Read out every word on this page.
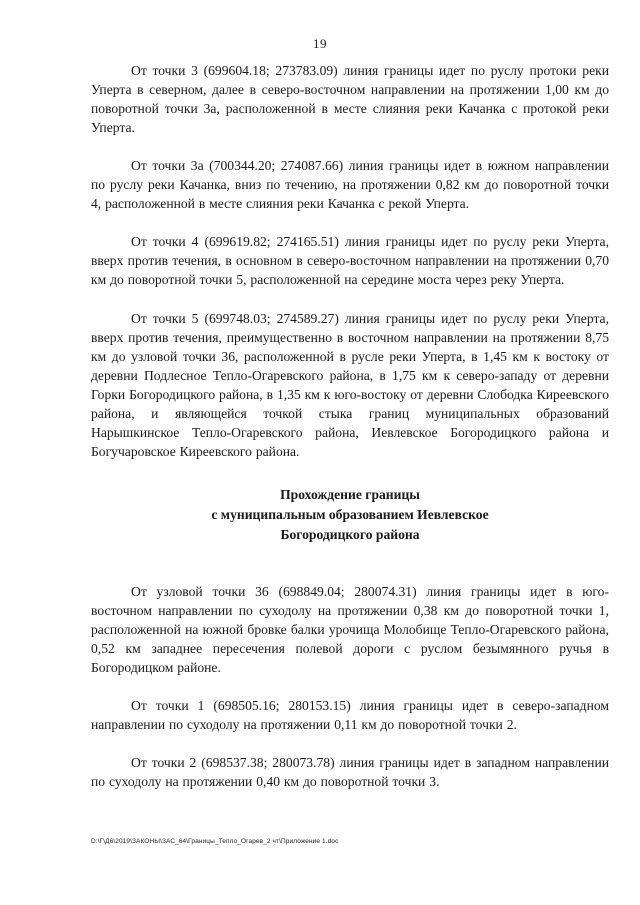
19

От точки 3 (699604.18; 273783.09) линия границы идет по руслу протоки реки Уперта в северном, далее в северо-восточном направлении на протяжении 1,00 км до поворотной точки 3а, расположенной в месте слияния реки Качанка с протокой реки Уперта.

От точки 3а (700344.20; 274087.66) линия границы идет в южном направлении по руслу реки Качанка, вниз по течению, на протяжении 0,82 км до поворотной точки 4, расположенной в месте слияния реки Качанка с рекой Уперта.

От точки 4 (699619.82; 274165.51) линия границы идет по руслу реки Уперта, вверх против течения, в основном в северо-восточном направлении на протяжении 0,70 км до поворотной точки 5, расположенной на середине моста через реку Уперта.

От точки 5 (699748.03; 274589.27) линия границы идет по руслу реки Уперта, вверх против течения, преимущественно в восточном направлении на протяжении 8,75 км до узловой точки 36, расположенной в русле реки Уперта, в 1,45 км к востоку от деревни Подлесное Тепло-Огаревского района, в 1,75 км к северо-западу от деревни Горки Богородицкого района, в 1,35 км к юго-востоку от деревни Слободка Киреевского района, и являющейся точкой стыка границ муниципальных образований Нарышкинское Тепло-Огаревского района, Иевлевское Богородицкого района и Богучаровское Киреевского района.

Прохождение границы
с муниципальным образованием Иевлевское
Богородицкого района

От узловой точки 36 (698849.04; 280074.31) линия границы идет в юго-восточном направлении по суходолу на протяжении 0,38 км до поворотной точки 1, расположенной на южной бровке балки урочища Молобище Тепло-Огаревского района, 0,52 км западнее пересечения полевой дороги с руслом безымянного ручья в Богородицком районе.

От точки 1 (698505.16; 280153.15) линия границы идет в северо-западном направлении по суходолу на протяжении 0,11 км до поворотной точки 2.

От точки 2 (698537.38; 280073.78) линия границы идет в западном направлении по суходолу на протяжении 0,40 км до поворотной точки 3.

D:\Г\Д6\2019\ЗАКОНЫ\ЗАС_64\Границы_Тепло_Огарев_2 чт\Приложение 1.doc
